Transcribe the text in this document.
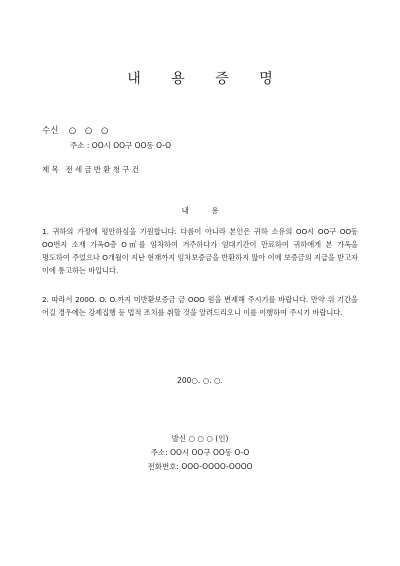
내 용 증 명
수신 ○ ○ ○
주소 : OO시 OO구 OO동 O-O
제목 전세금반환청구건
내 용
1. 귀하의 가정에 평안하심을 기원합니다. 다름이 아니라 본인은 귀하 소유의 OO시 OO구 OO동 OO번지 소재 가옥O층 O㎡를 임차하여 거주하다가 임대기간이 만료하여 귀하에게 본 가옥을 명도하여 주었으나 O개월이 지난 현재까지 임차보증금을 반환하지 않아 이에 보증금의 지급을 받고자 이에 통고하는 바입니다.
2. 따라서 200O. O. O.까지 미반환보증금 금 OOO 원을 변제해 주시기를 바랍니다. 만약 위 기간을 어길 경우에는 강제집행 등 법적 조치를 취할 것을 알려드리오니 이를 이행하여 주시기 바랍니다.
200○. ○. ○.
발신 ○ ○ ○ (인)
주소: OO시 OO구 OO동 O-O
전화번호: OOO-OOOO-OOOO
